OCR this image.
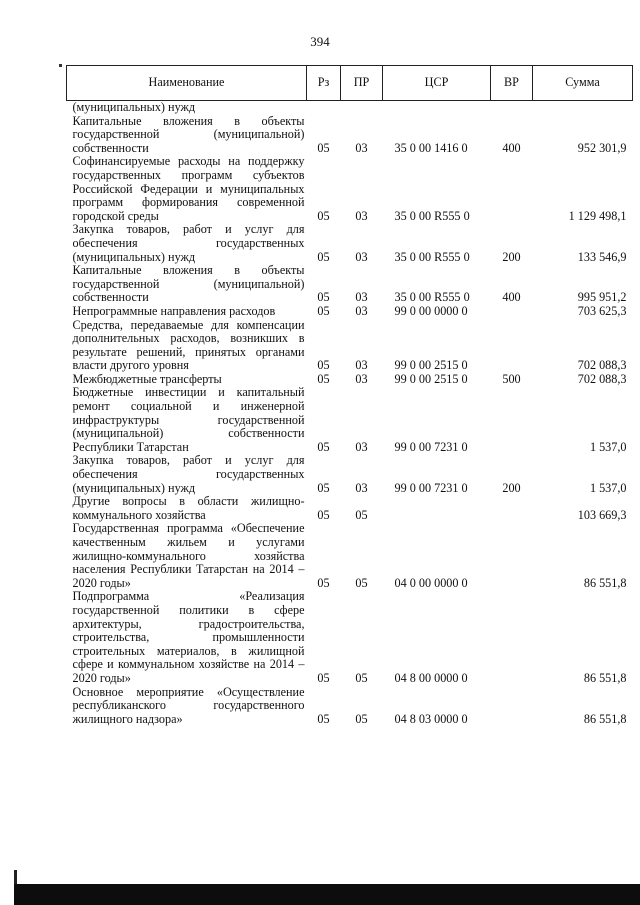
394
Наименование	Рз	ПР	ЦСР	ВР	Сумма
(муниципальных) нужд					
Капитальные вложения в объекты государственной (муниципальной) собственности	05	03	35 0 00 1416 0	400	952 301,9
Софинансируемые расходы на поддержку государственных программ субъектов Российской Федерации и муниципальных программ формирования современной городской среды	05	03	35 0 00 R555 0		1 129 498,1
Закупка товаров, работ и услуг для обеспечения государственных (муниципальных) нужд	05	03	35 0 00 R555 0	200	133 546,9
Капитальные вложения в объекты государственной (муниципальной) собственности	05	03	35 0 00 R555 0	400	995 951,2
Непрограммные направления расходов	05	03	99 0 00 0000 0		703 625,3
Средства, передаваемые для компенсации дополнительных расходов, возникших в результате решений, принятых органами власти другого уровня	05	03	99 0 00 2515 0		702 088,3
Межбюджетные трансферты	05	03	99 0 00 2515 0	500	702 088,3
Бюджетные инвестиции и капитальный ремонт социальной и инженерной инфраструктуры государственной (муниципальной) собственности Республики Татарстан	05	03	99 0 00 7231 0		1 537,0
Закупка товаров, работ и услуг для обеспечения государственных (муниципальных) нужд	05	03	99 0 00 7231 0	200	1 537,0
Другие вопросы в области жилищно-коммунального хозяйства	05	05			103 669,3
Государственная программа «Обеспечение качественным жильем и услугами жилищно-коммунального хозяйства населения Республики Татарстан на 2014 – 2020 годы»	05	05	04 0 00 0000 0		86 551,8
Подпрограмма «Реализация государственной политики в сфере архитектуры, градостроительства, строительства, промышленности строительных материалов, в жилищной сфере и коммунальном хозяйстве на 2014 – 2020 годы»	05	05	04 8 00 0000 0		86 551,8
Основное мероприятие «Осуществление республиканского государственного жилищного надзора»	05	05	04 8 03 0000 0		86 551,8
